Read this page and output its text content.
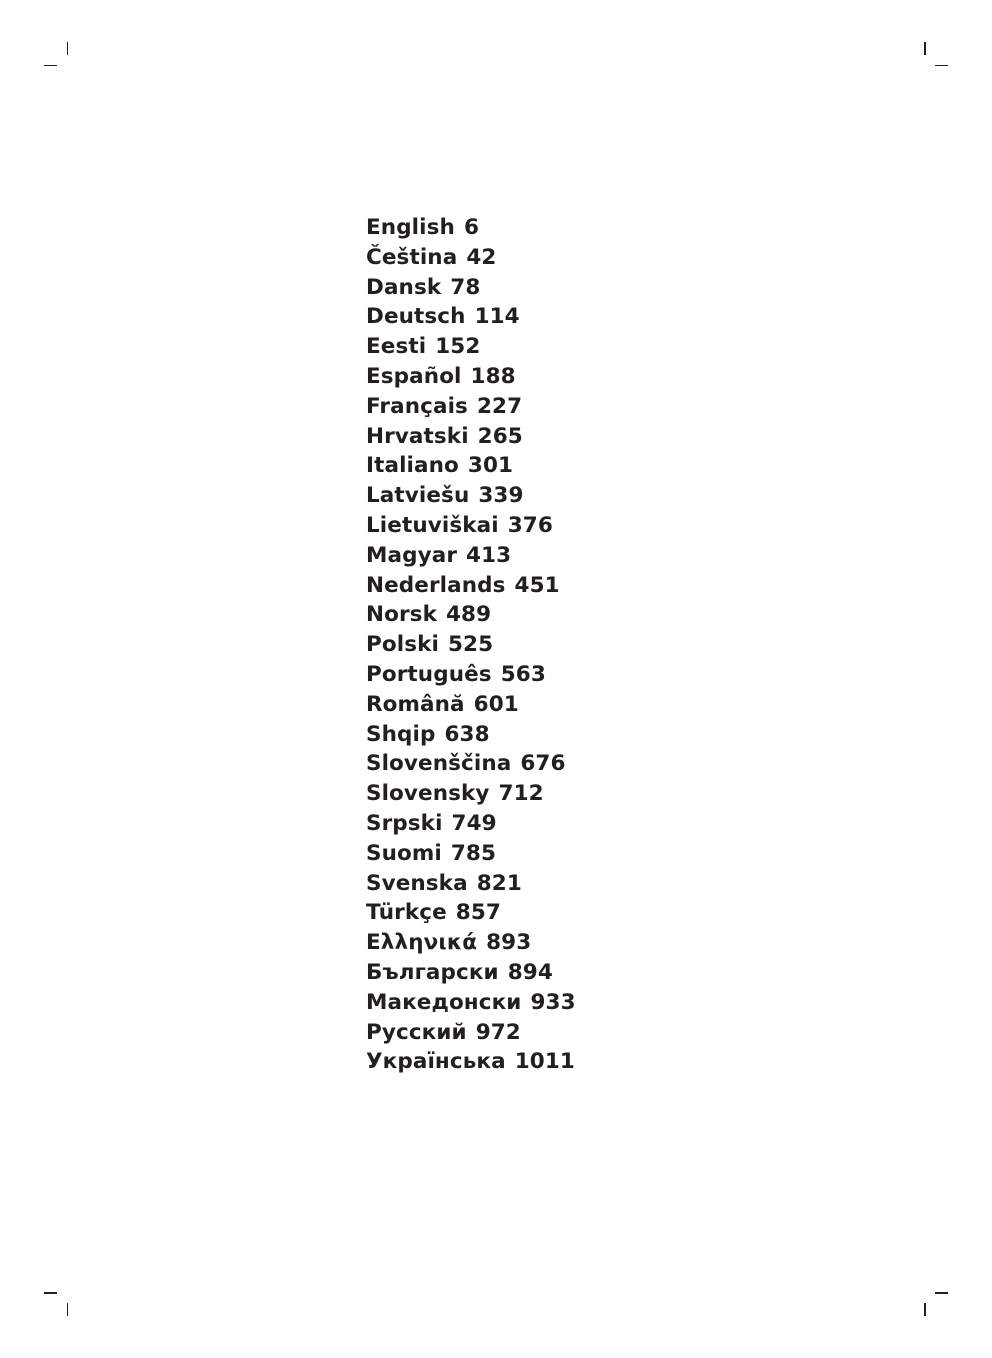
English 6
Čeština 42
Dansk 78
Deutsch 114
Eesti 152
Español 188
Français 227
Hrvatski 265
Italiano 301
Latviešu 339
Lietuviškai 376
Magyar 413
Nederlands 451
Norsk 489
Polski 525
Português 563
Română 601
Shqip 638
Slovenščina 676
Slovensky 712
Srpski 749
Suomi 785
Svenska 821
Türkçe 857
Ελληνικά 893
Български 894
Македонски 933
Русский 972
Українська 1011
